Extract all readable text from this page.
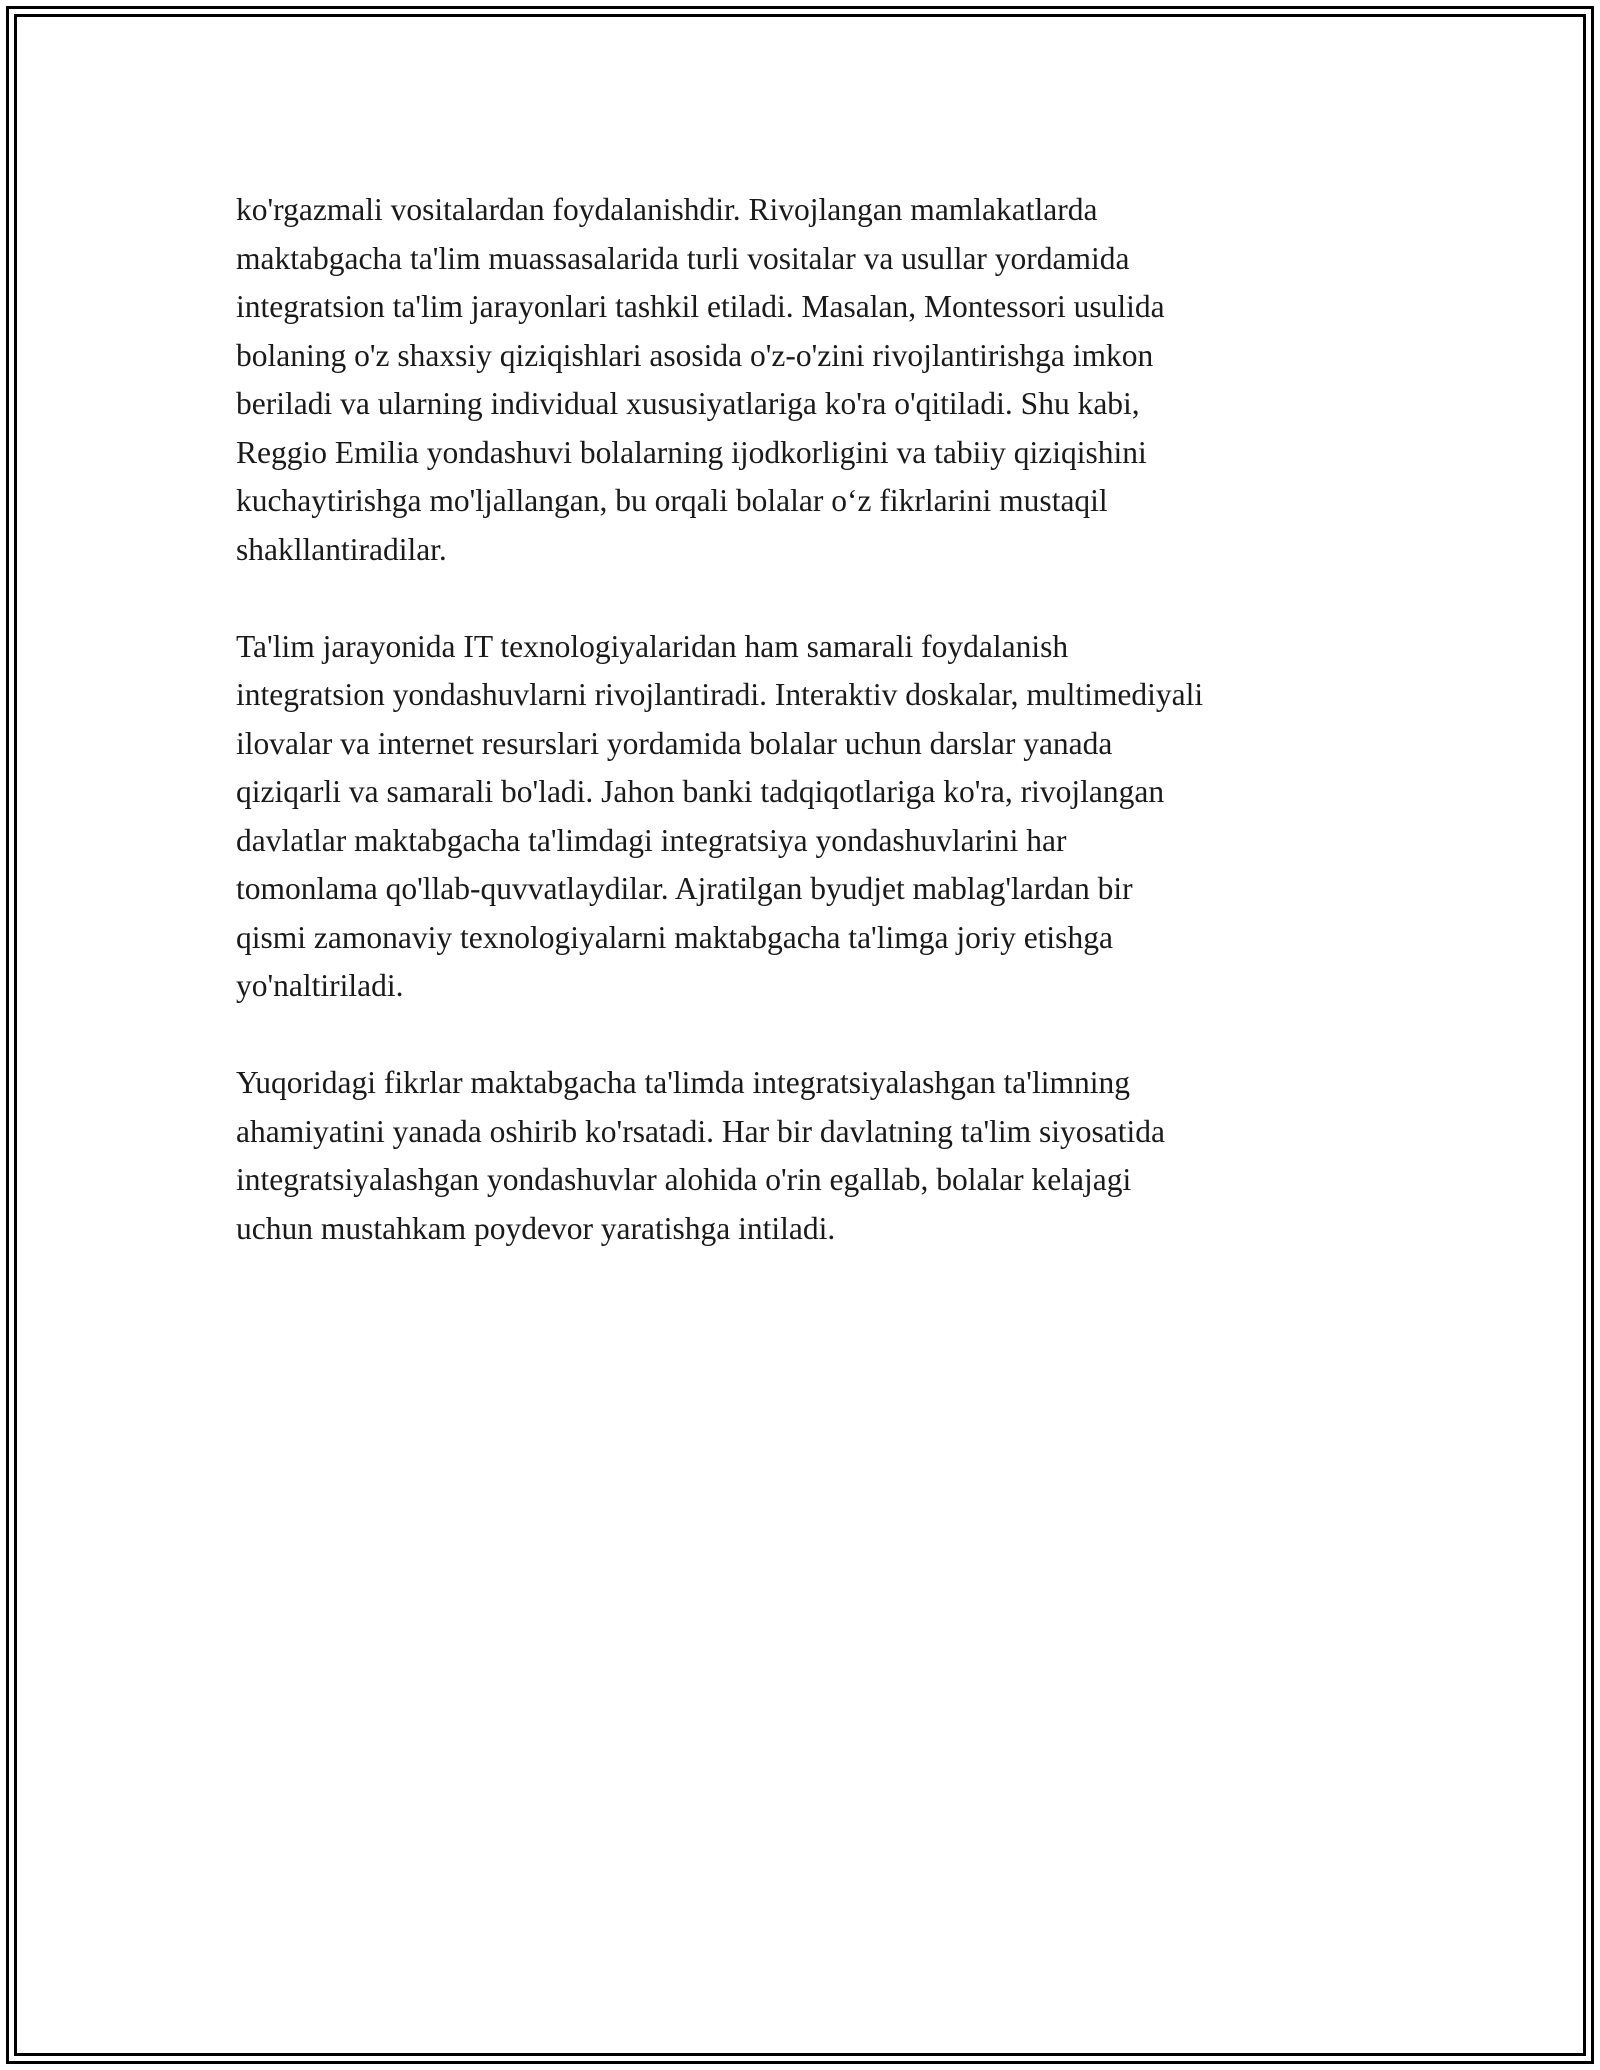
ko'rgazmali vositalardan foydalanishdir. Rivojlangan mamlakatlarda
maktabgacha ta'lim muassasalarida turli vositalar va usullar yordamida
integratsion ta'lim jarayonlari tashkil etiladi. Masalan, Montessori usulida
bolaning o'z shaxsiy qiziqishlari asosida o'z-o'zini rivojlantirishga imkon
beriladi va ularning individual xususiyatlariga ko'ra o'qitiladi. Shu kabi,
Reggio Emilia yondashuvi bolalarning ijodkorligini va tabiiy qiziqishini
kuchaytirishga mo'ljallangan, bu orqali bolalar oʻz fikrlarini mustaqil
shakllantiradilar.

Ta'lim jarayonida IT texnologiyalaridan ham samarali foydalanish
integratsion yondashuvlarni rivojlantiradi. Interaktiv doskalar, multimediyali
ilovalar va internet resurslari yordamida bolalar uchun darslar yanada
qiziqarli va samarali bo'ladi. Jahon banki tadqiqotlariga ko'ra, rivojlangan
davlatlar maktabgacha ta'limdagi integratsiya yondashuvlarini har
tomonlama qo'llab-quvvatlaydilar. Ajratilgan byudjet mablag'lardan bir
qismi zamonaviy texnologiyalarni maktabgacha ta'limga joriy etishga
yo'naltiriladi.

Yuqoridagi fikrlar maktabgacha ta'limda integratsiyalashgan ta'limning
ahamiyatini yanada oshirib ko'rsatadi. Har bir davlatning ta'lim siyosatida
integratsiyalashgan yondashuvlar alohida o'rin egallab, bolalar kelajagi
uchun mustahkam poydevor yaratishga intiladi.
